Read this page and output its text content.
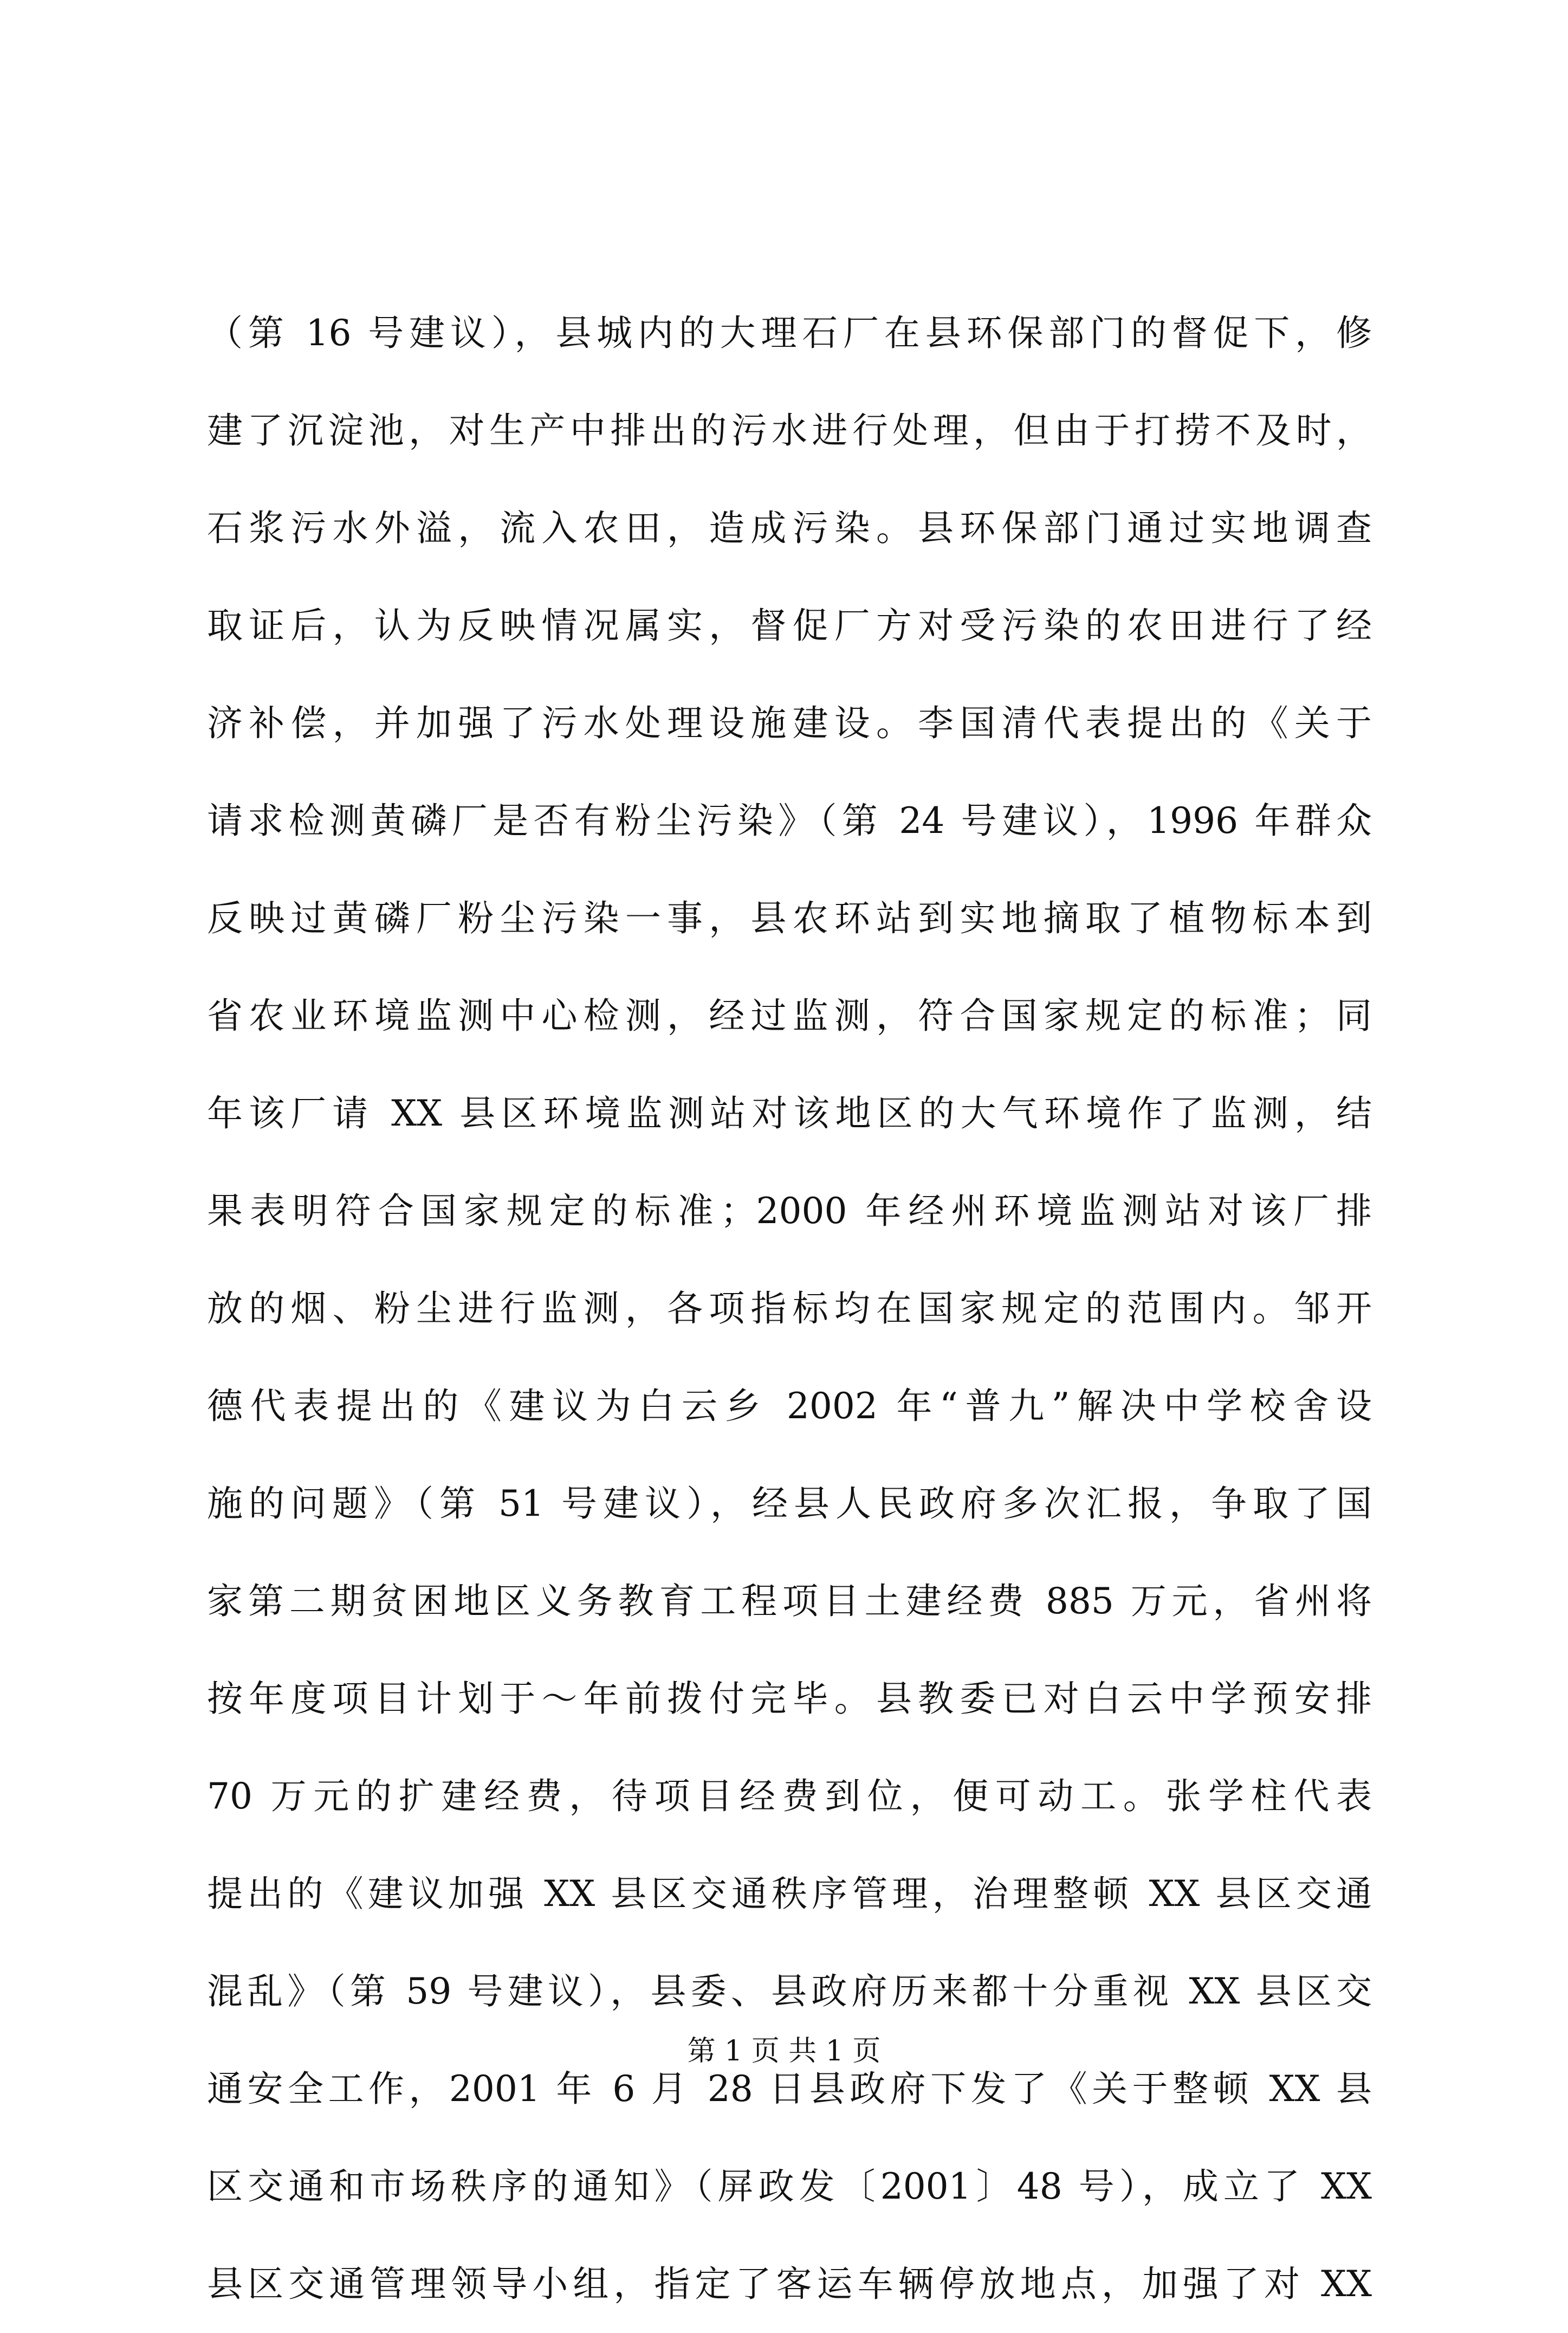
（第 16 号建议），县城内的大理石厂在县环保部门的督促下，修
建了沉淀池，对生产中排出的污水进行处理，但由于打捞不及时，
石浆污水外溢，流入农田，造成污染。县环保部门通过实地调查
取证后，认为反映情况属实，督促厂方对受污染的农田进行了经
济补偿，并加强了污水处理设施建设。李国清代表提出的《关于
请求检测黄磷厂是否有粉尘污染》（第 24 号建议），1996 年群众
反映过黄磷厂粉尘污染一事，县农环站到实地摘取了植物标本到
省农业环境监测中心检测，经过监测，符合国家规定的标准；同
年该厂请 XX 县区环境监测站对该地区的大气环境作了监测，结
果表明符合国家规定的标准；2000 年经州环境监测站对该厂排
放的烟、粉尘进行监测，各项指标均在国家规定的范围内。邹开
德代表提出的《建议为白云乡 2002 年“普九”解决中学校舍设
施的问题》（第 51 号建议），经县人民政府多次汇报，争取了国
家第二期贫困地区义务教育工程项目土建经费 885 万元，省州将
按年度项目计划于～年前拨付完毕。县教委已对白云中学预安排
70 万元的扩建经费，待项目经费到位，便可动工。张学柱代表
提出的《建议加强 XX 县区交通秩序管理，治理整顿 XX 县区交通
混乱》（第 59 号建议），县委、县政府历来都十分重视 XX 县区交
通安全工作，2001 年 6 月 28 日县政府下发了《关于整顿 XX 县
区交通和市场秩序的通知》（屏政发〔2001〕48 号），成立了 XX
县区交通管理领导小组，指定了客运车辆停放地点，加强了对 XX
第 1 页 共 1 页
